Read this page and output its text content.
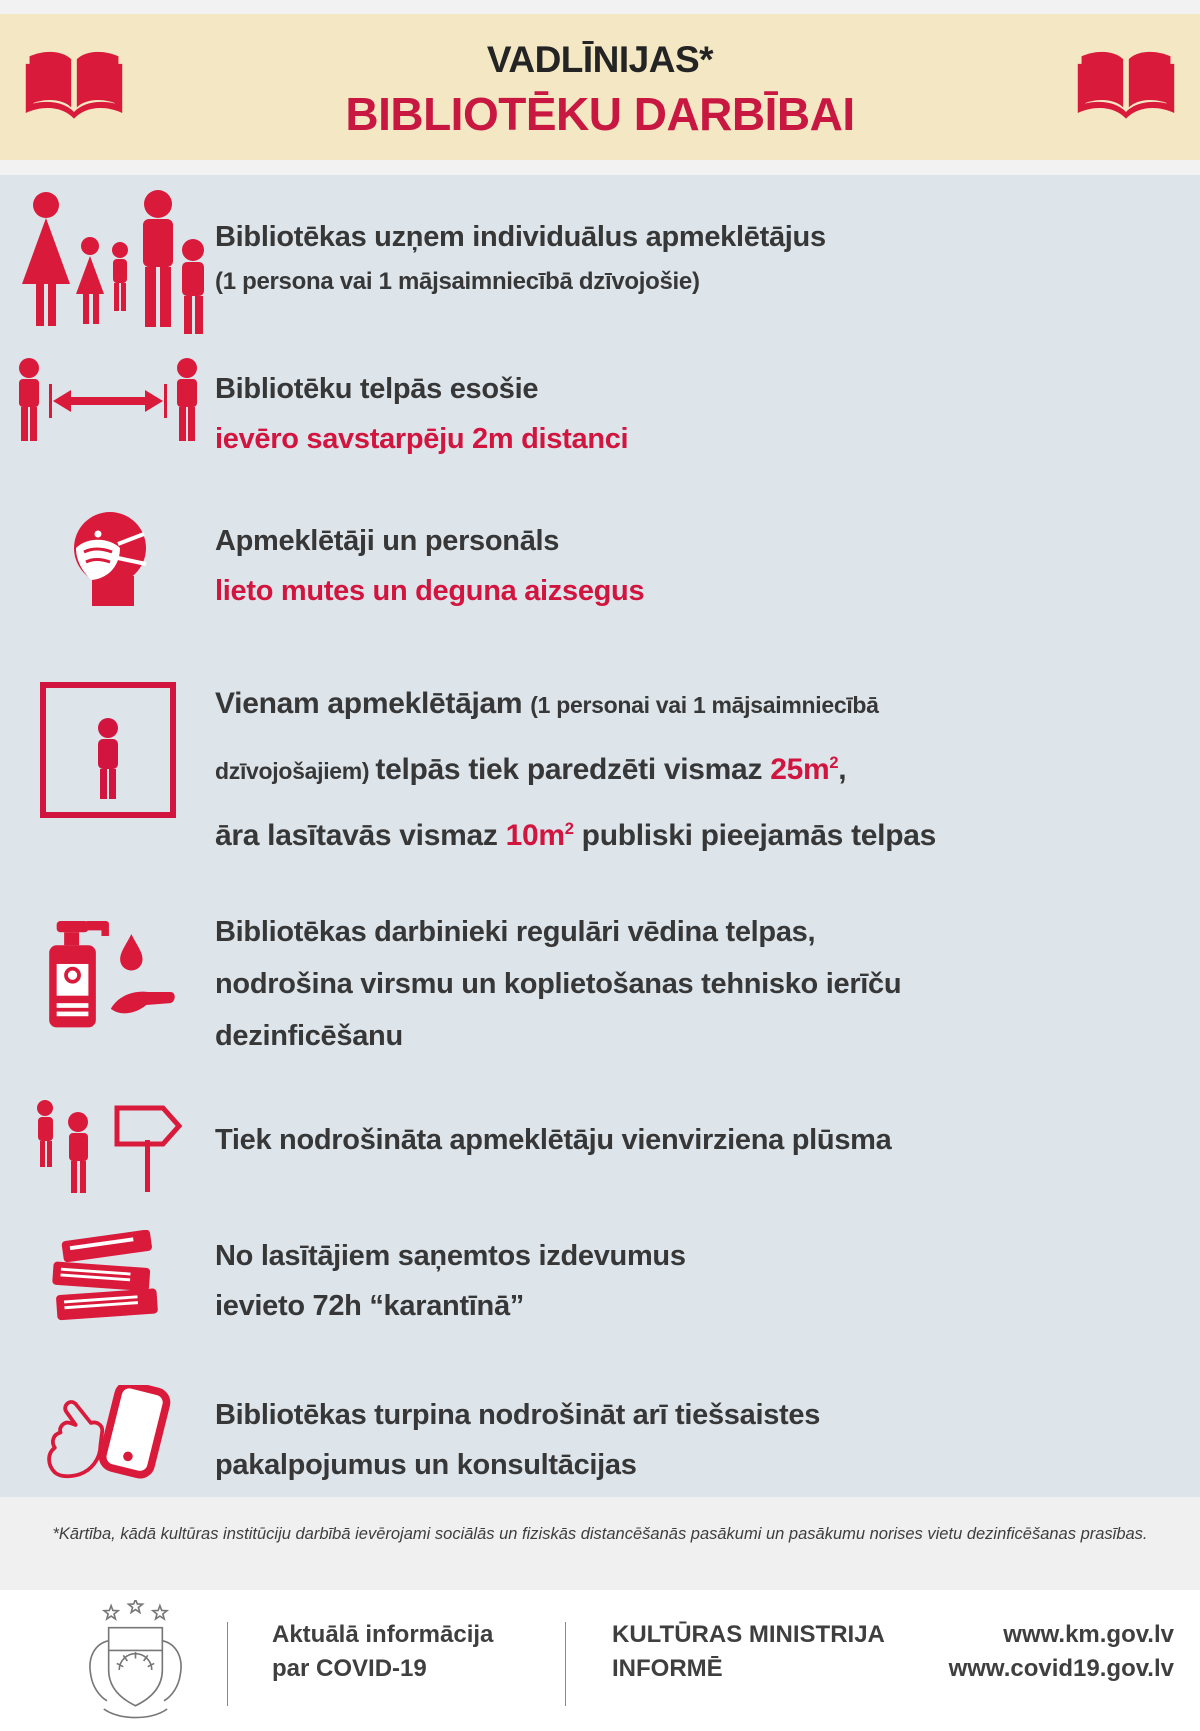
VADLĪNIJAS*
BIBLIOTĒKU DARBĪBAI
Bibliotēkas uzņem individuālus apmeklētājus
(1 persona vai 1 mājsaimniecībā dzīvojošie)
Bibliotēku telpās esošie
ievēro savstarpēju 2m distanci
Apmeklētāji un personāls
lieto mutes un deguna aizsegus
Vienam apmeklētājam (1 personai vai 1 mājsaimniecībā
dzīvojošajiem) telpās tiek paredzēti vismaz $25m^2$,
āra lasītavās vismaz $10m^2$ publiski pieejamās telpas
Bibliotēkas darbinieki regulāri vēdina telpas,
nodrošina virsmu un koplietošanas tehnisko ierīču
dezinficēšanu
Tiek nodrošināta apmeklētāju vienvirziena plūsma
No lasītājiem saņemtos izdevumus
ievieto 72h “karantīnā”
Bibliotēkas turpina nodrošināt arī tiešsaistes
pakalpojumus un konsultācijas
*Kārtība, kādā kultūras institūciju darbībā ievērojami sociālās un fiziskās distancēšanās pasākumi un pasākumu norises vietu dezinficēšanas prasības.
Aktuālā informācija
par COVID-19
KULTŪRAS MINISTRIJA
INFORMĒ
www.km.gov.lv
www.covid19.gov.lv
